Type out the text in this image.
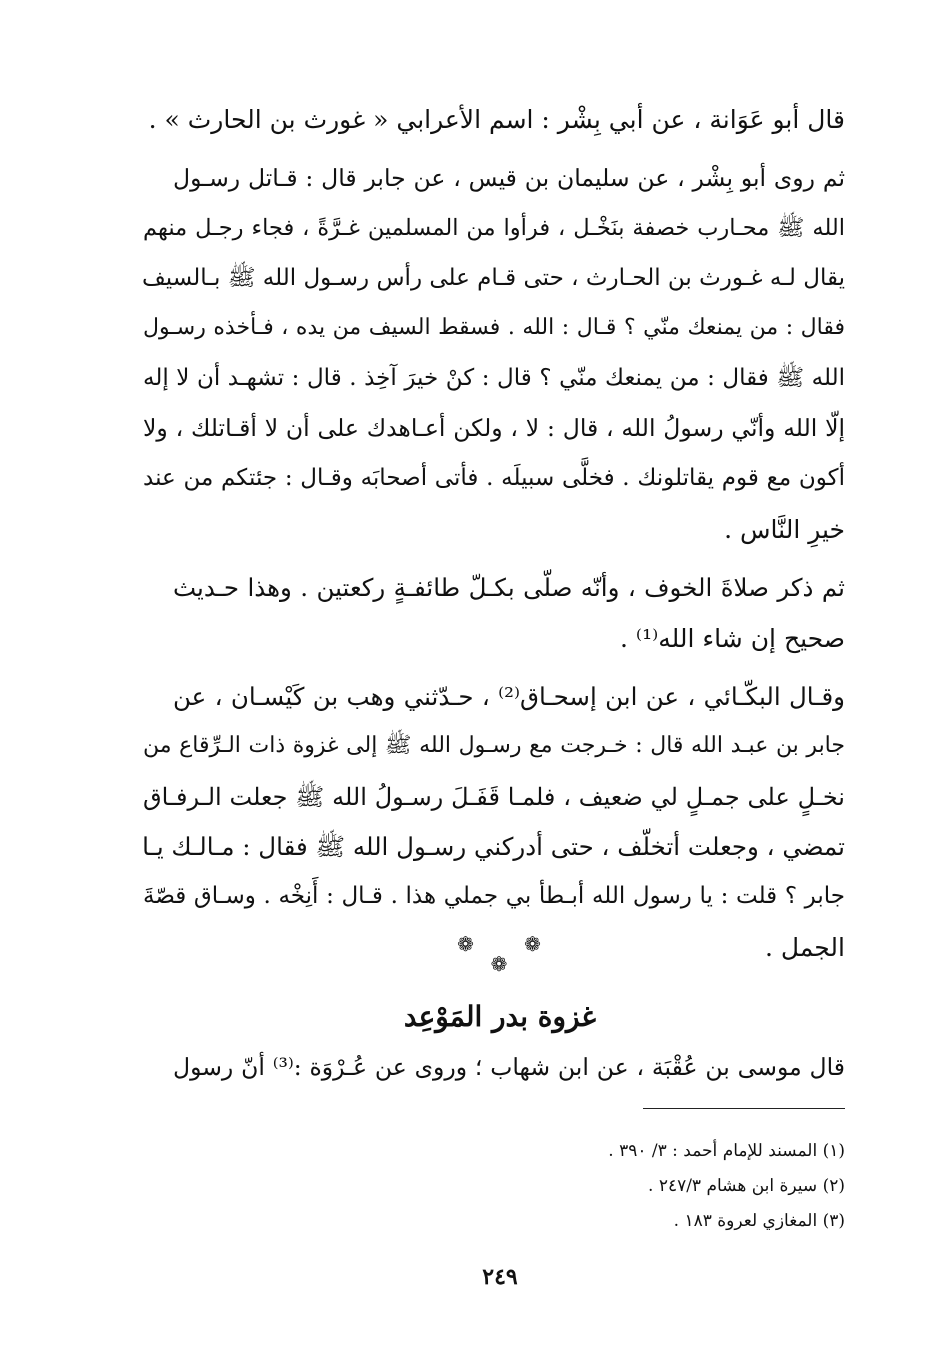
قال أبو عَوَانة ، عن أبي بِشْر : اسم الأعرابي « غورث بن الحارث » .
ثم روى أبو بِشْر ، عن سليمان بن قيس ، عن جابر قال : قـاتل رسـول
الله ﷺ محـارب خصفة بنَخْـل ، فرأوا من المسلمين غـرَّةً ، فجاء رجـل منهم
يقال لـه غـورث بن الحـارث ، حتى قـام على رأس رسـول الله ﷺ بـالسيف
فقال : من يمنعك منّي ؟ قـال : الله . فسقط السيف من يده ، فـأخذه رسـول
الله ﷺ فقال : من يمنعك منّي ؟ قال : كنْ خيرَ آخِذ . قال : تشهـد أن لا إله
إلّا الله وأنّي رسولُ الله ، قال : لا ، ولكن أعـاهدك على أن لا أقـاتلك ، ولا
أكون مع قوم يقاتلونك . فخلَّى سبيلَه . فأتى أصحابَه وقـال : جئتكم من عند
خيرِ النَّاس .
ثم ذكر صلاةَ الخوف ، وأنّه صلّى بكـلّ طائفـةٍ ركعتين . وهذا حـديث
صحيح إن شاء الله⁽¹⁾ .
وقـال البكّـائي ، عن ابن إسحـاق⁽²⁾ ، حـدّثني وهب بن كَيْسـان ، عن
جابر بن عبـد الله قال : خـرجت مع رسـول الله ﷺ إلى غزوة ذات الـرِّقاع من
نخـلٍ على جمـلٍ لي ضعيف ، فلمـا قَفَـلَ رسـولُ الله ﷺ جعلت الـرفـاق
تمضي ، وجعلت أتخلّف ، حتى أدركني رسـول الله ﷺ فقال : مـالـك يـا
جابر ؟ قلت : يا رسول الله أبـطأ بي جملي هذا . قـال : أَنِخْه . وسـاق قصّةَ
الجمل .
❁ ❁ ❁
غزوة بدر المَوْعِد
قال موسى بن عُقْبَة ، عن ابن شهاب ؛ وروى عن عُـرْوَة :⁽³⁾ أنّ رسول
(١) المسند للإمام أحمد : ٣/ ٣٩٠ .
(٢) سيرة ابن هشام ٢٤٧/٣ .
(٣) المغازي لعروة ١٨٣ .
٢٤٩
